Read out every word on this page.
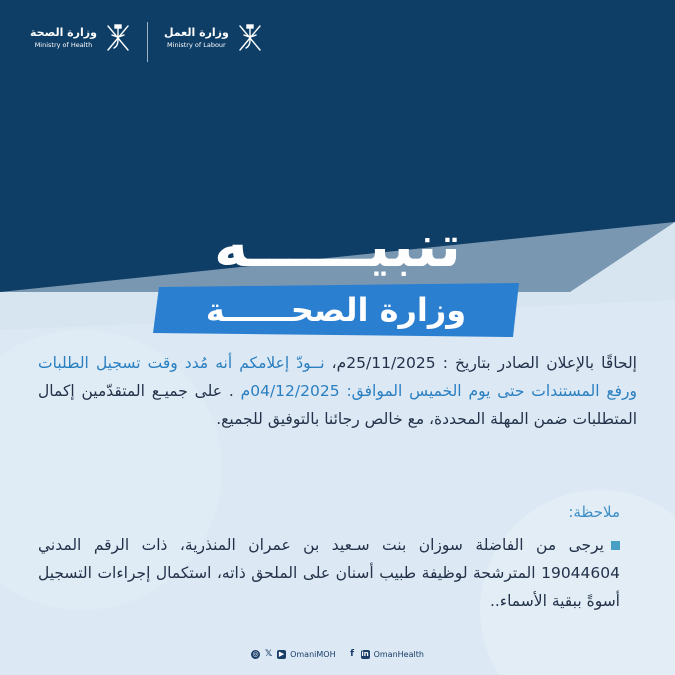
وزارة الصحة
Ministry of Health
وزارة العمل
Ministry of Labour
تنبيــــــه
وزارة الصحــــــة
إلحاقًا بالإعلان الصادر بتاريخ : 25/11/2025م، نــودّ إعلامكم أنه مُدد وقت تسجيل الطلبات ورفع المستندات حتى يوم الخميس الموافق: 04/12/2025م . على جميـع المتقدّمين إكمال المتطلبات ضمن المهلة المحددة، مع خالص رجائنا بالتوفيق للجميع.
ملاحظة:
يرجى من الفاضلة سوزان بنت سـعيد بن عمران المنذرية، ذات الرقم المدني 19044604 المترشحة لوظيفة طبيب أسنان على الملحق ذاته، استكمال إجراءات التسجيل أسوةً ببقية الأسماء..
◎ 𝕏 ▶ OmaniMOH f	in OmanHealth
